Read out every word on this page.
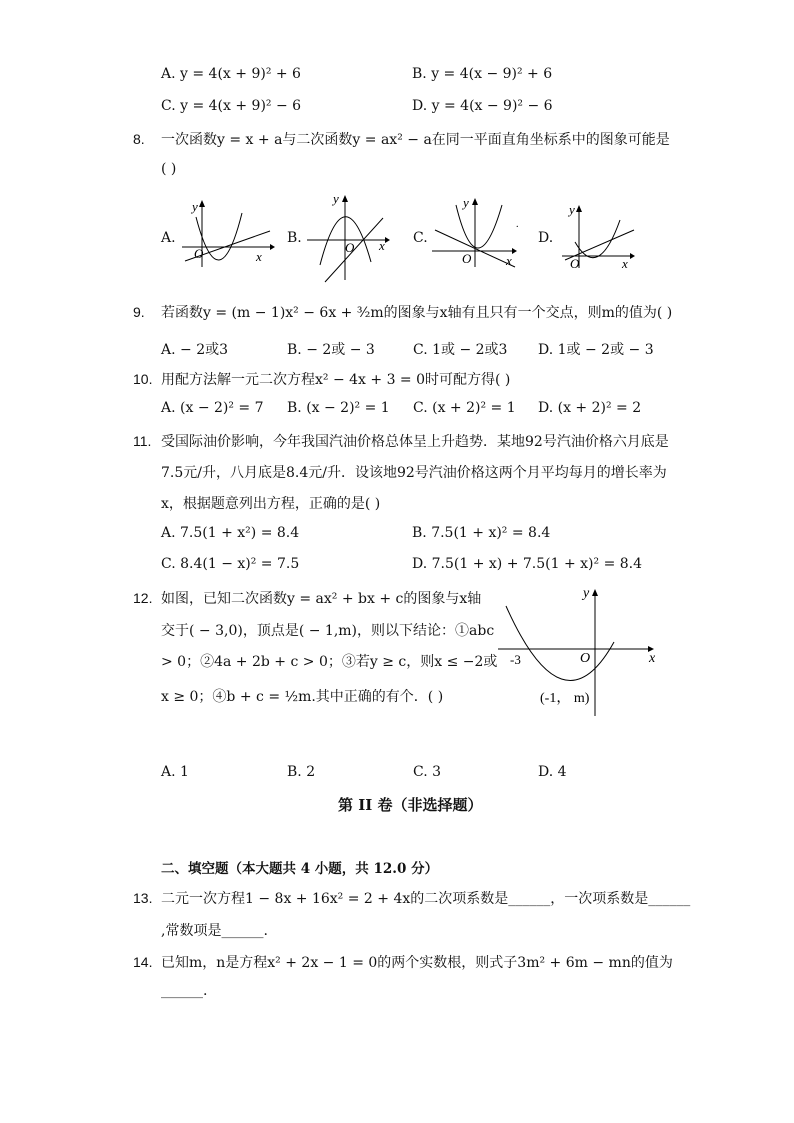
A. y = 4(x + 9)² + 6	B. y = 4(x − 9)² + 6
C. y = 4(x + 9)² − 6	D. y = 4(x − 9)² − 6
8. 一次函数y = x + a与二次函数y = ax² − a在同一平面直角坐标系中的图象可能是
( )
A.	B.	C.	D.
y
O	x
y
O x
y
O	x
.
y
O	x
9. 若函数y = (m − 1)x² − 6x + ³⁄₂m的图象与x轴有且只有一个交点，则m的值为( )
A. − 2或3	B. − 2或 − 3	C. 1或 − 2或3 D. 1或 − 2或 − 3
10. 用配方法解一元二次方程x² − 4x + 3 = 0时可配方得( )
A. (x − 2)² = 7 B. (x − 2)² = 1 C. (x + 2)² = 1 D. (x + 2)² = 2
11. 受国际油价影响，今年我国汽油价格总体呈上升趋势．某地92号汽油价格六月底是
7.5元/升，八月底是8.4元/升．设该地92号汽油价格这两个月平均每月的增长率为
x，根据题意列出方程，正确的是( )
A. 7.5(1 + x²) = 8.4	B. 7.5(1 + x)² = 8.4
C. 8.4(1 − x)² = 7.5	D. 7.5(1 + x) + 7.5(1 + x)² = 8.4
12. 如图，已知二次函数y = ax² + bx + c的图象与x轴
交于( − 3,0)，顶点是( − 1,m)，则以下结论：①abc
> 0；②4a + 2b + c > 0；③若y ≥ c，则x ≤ −2或
x ≥ 0；④b + c = ½m.其中正确的有个．( )
y
O	x
-3
(-1， m)
A. 1	B. 2	C. 3	D. 4
第 II 卷（非选择题）
二、填空题（本大题共 4 小题，共 12.0 分）
13. 二元一次方程1 − 8x + 16x² = 2 + 4x的二次项系数是______，一次项系数是______
,常数项是______.
14. 已知m，n是方程x² + 2x − 1 = 0的两个实数根，则式子3m² + 6m − mn的值为
______.
